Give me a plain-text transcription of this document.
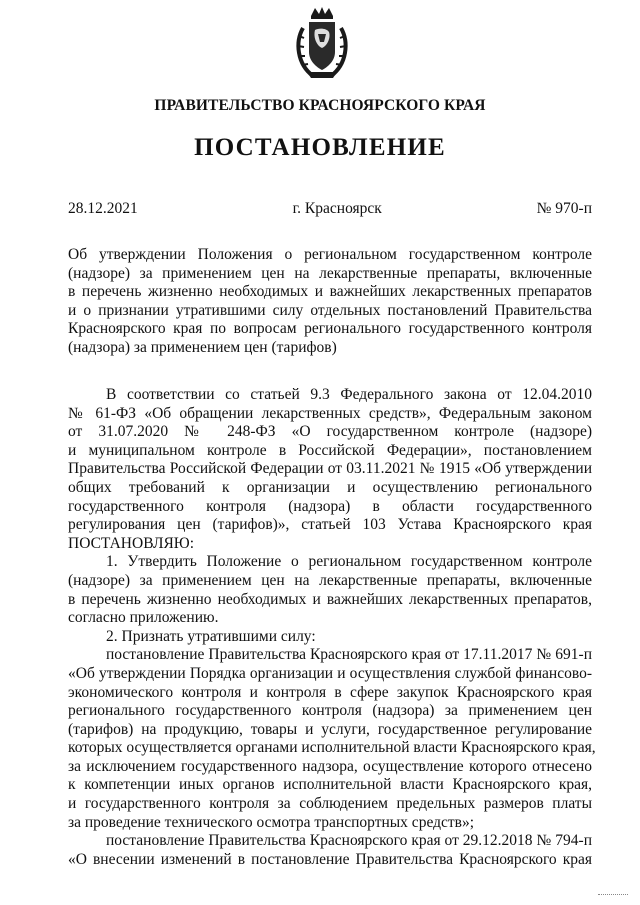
ПРАВИТЕЛЬСТВО КРАСНОЯРСКОГО КРАЯ
ПОСТАНОВЛЕНИЕ
28.12.2021	г. Красноярск	№ 970-п
Об утверждении Положения о региональном государственном контроле
(надзоре) за применением цен на лекарственные препараты, включенные
в перечень жизненно необходимых и важнейших лекарственных препаратов
и о признании утратившими силу отдельных постановлений Правительства
Красноярского края по вопросам регионального государственного контроля
(надзора) за применением цен (тарифов)
В соответствии со статьей 9.3 Федерального закона от 12.04.2010
№ 61-ФЗ «Об обращении лекарственных средств», Федеральным законом
от 31.07.2020 № 248-ФЗ «О государственном контроле (надзоре)
и муниципальном контроле в Российской Федерации», постановлением
Правительства Российской Федерации от 03.11.2021 № 1915 «Об утверждении
общих требований к организации и осуществлению регионального
государственного контроля (надзора) в области государственного
регулирования цен (тарифов)», статьей 103 Устава Красноярского края
ПОСТАНОВЛЯЮ:
1. Утвердить Положение о региональном государственном контроле
(надзоре) за применением цен на лекарственные препараты, включенные
в перечень жизненно необходимых и важнейших лекарственных препаратов,
согласно приложению.
2. Признать утратившими силу:
постановление Правительства Красноярского края от 17.11.2017 № 691-п
«Об утверждении Порядка организации и осуществления службой финансово-
экономического контроля и контроля в сфере закупок Красноярского края
регионального государственного контроля (надзора) за применением цен
(тарифов) на продукцию, товары и услуги, государственное регулирование
которых осуществляется органами исполнительной власти Красноярского края,
за исключением государственного надзора, осуществление которого отнесено
к компетенции иных органов исполнительной власти Красноярского края,
и государственного контроля за соблюдением предельных размеров платы
за проведение технического осмотра транспортных средств»;
постановление Правительства Красноярского края от 29.12.2018 № 794-п
«О внесении изменений в постановление Правительства Красноярского края
